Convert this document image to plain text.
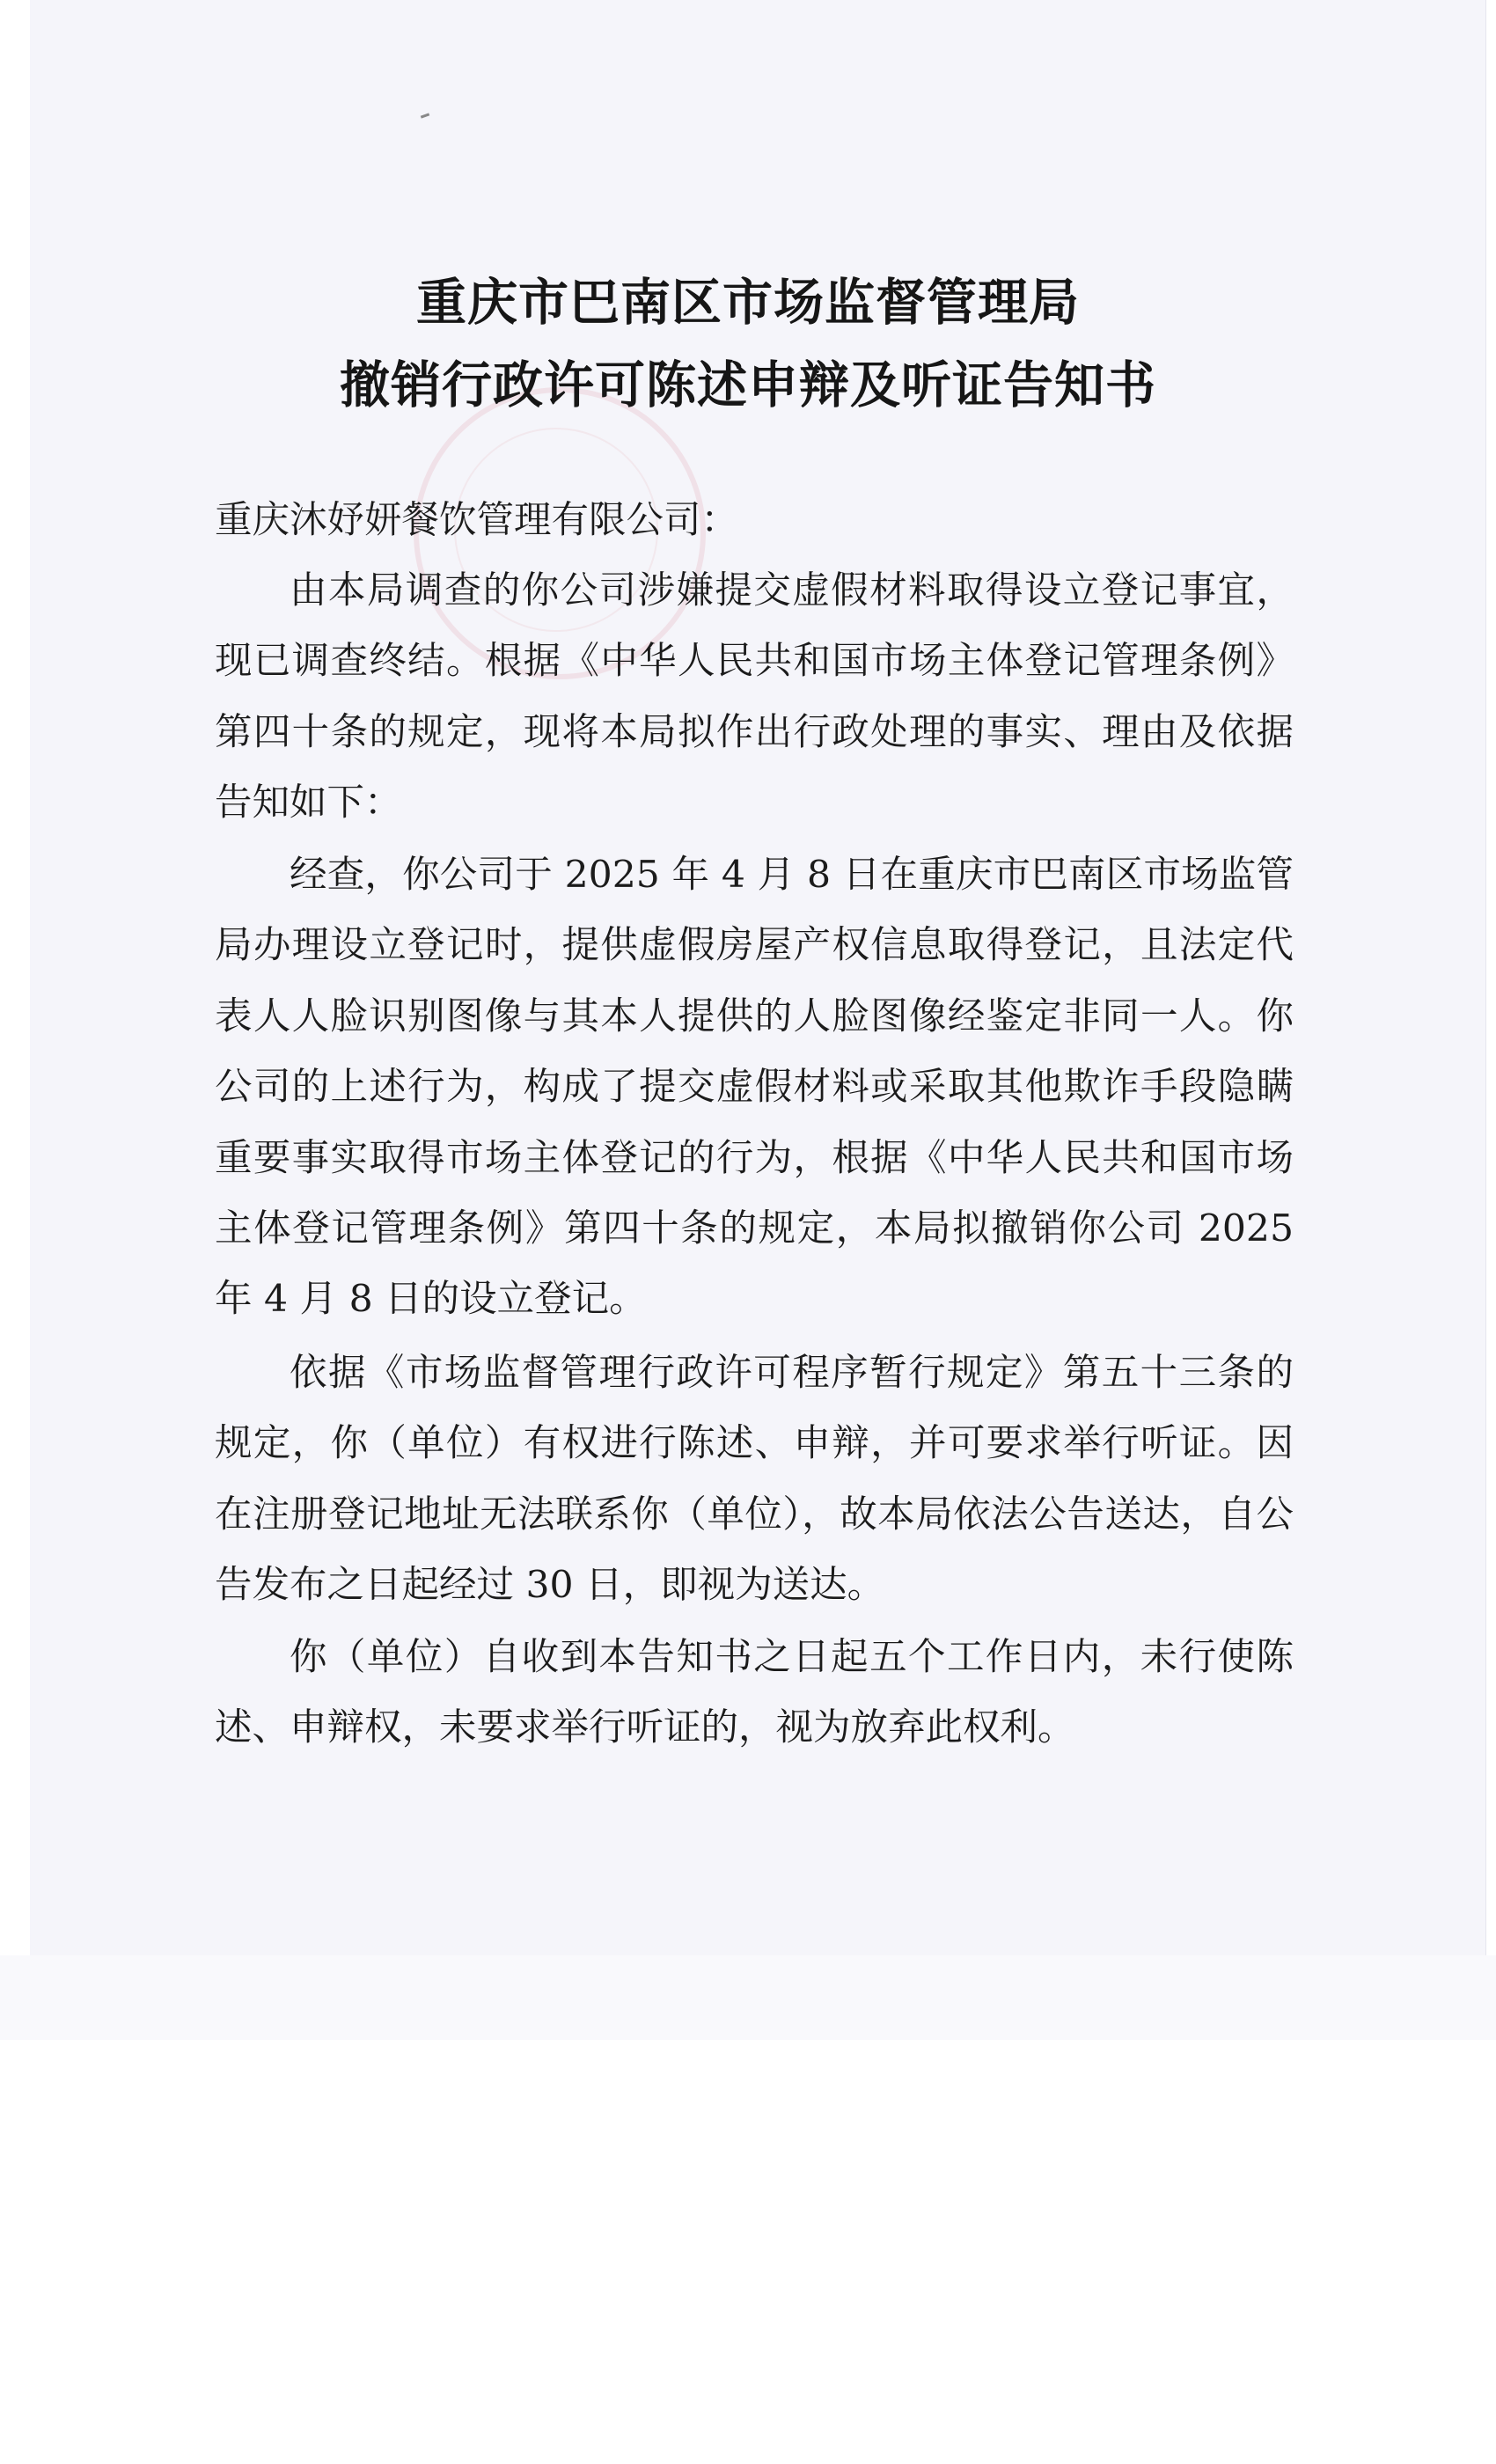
重庆市巴南区市场监督管理局
撤销行政许可陈述申辩及听证告知书

重庆沐妤妍餐饮管理有限公司：

由本局调查的你公司涉嫌提交虚假材料取得设立登记事宜，现已调查终结。根据《中华人民共和国市场主体登记管理条例》第四十条的规定，现将本局拟作出行政处理的事实、理由及依据告知如下：

经查，你公司于 2025 年 4 月 8 日在重庆市巴南区市场监管局办理设立登记时，提供虚假房屋产权信息取得登记，且法定代表人人脸识别图像与其本人提供的人脸图像经鉴定非同一人。你公司的上述行为，构成了提交虚假材料或采取其他欺诈手段隐瞒重要事实取得市场主体登记的行为，根据《中华人民共和国市场主体登记管理条例》第四十条的规定，本局拟撤销你公司 2025 年 4 月 8 日的设立登记。

依据《市场监督管理行政许可程序暂行规定》第五十三条的规定，你（单位）有权进行陈述、申辩，并可要求举行听证。因在注册登记地址无法联系你（单位），故本局依法公告送达，自公告发布之日起经过 30 日，即视为送达。

你（单位）自收到本告知书之日起五个工作日内，未行使陈述、申辩权，未要求举行听证的，视为放弃此权利。
